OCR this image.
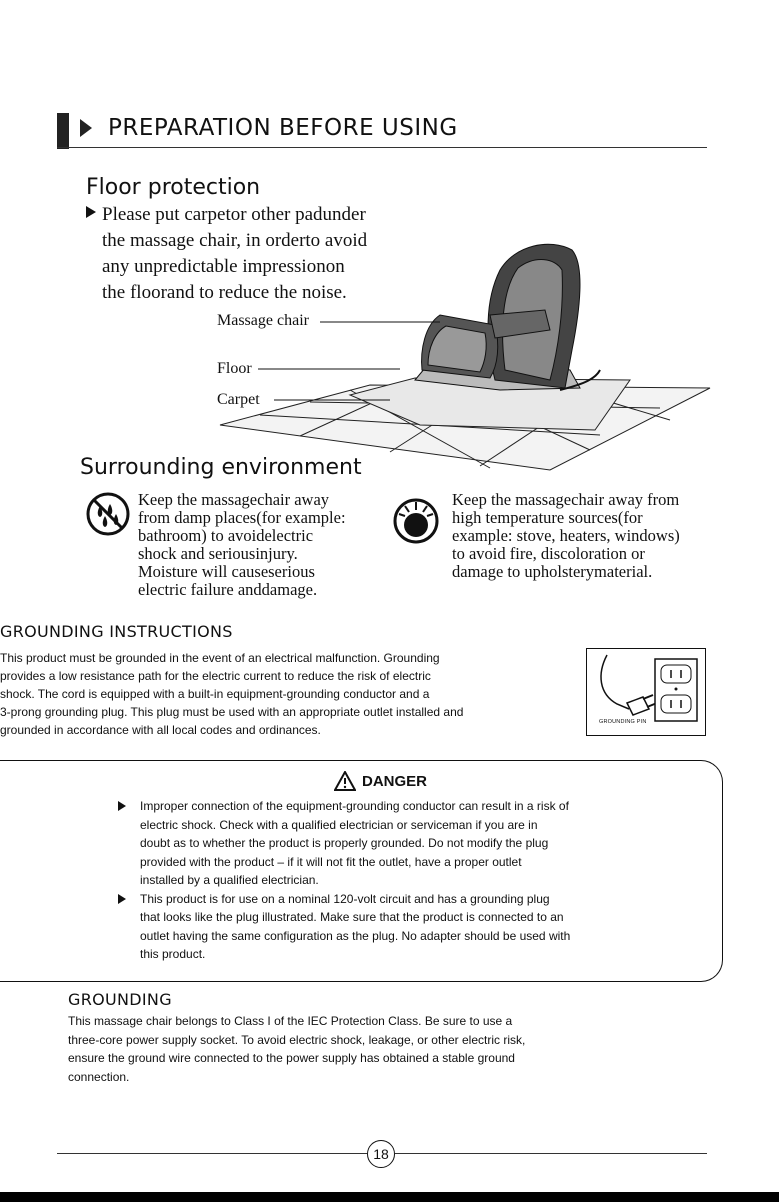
PREPARATION BEFORE USING
Floor protection

Please put carpetor other padunder

the massage chair, in orderto avoid

any unpredictable impressionon

the floorand to reduce the noise.

Massage chair
Floor
Carpet
Surrounding environment
Keep the massagechair away
from damp places(for example:
bathroom) to avoidelectric
shock and seriousinjury.
Moisture will causeserious
electric failure anddamage.
Keep the massagechair away from
high temperature sources(for
example: stove, heaters, windows)
to avoid fire, discoloration or
damage to upholsterymaterial.
GROUNDING INSTRUCTIONS
This product must be grounded in the event of an electrical malfunction. Grounding
provides a low resistance path for the electric current to reduce the risk of electric
shock. The cord is equipped with a built-in equipment-grounding conductor and a
3-prong grounding plug. This plug must be used with an appropriate outlet installed and
grounded in accordance with all local codes and ordinances.
GROUNDING PIN
DANGER
Improper connection of the equipment-grounding conductor can result in a risk of
electric shock. Check with a qualified electrician or serviceman if you are in
doubt as to whether the product is properly grounded. Do not modify the plug
provided with the product – if it will not fit the outlet, have a proper outlet
installed by a qualified electrician.
This product is for use on a nominal 120-volt circuit and has a grounding plug
that looks like the plug illustrated. Make sure that the product is connected to an
outlet having the same configuration as the plug. No adapter should be used with
this product.
GROUNDING
This massage chair belongs to Class I of the IEC Protection Class. Be sure to use a
three-core power supply socket. To avoid electric shock, leakage, or other electric risk,
ensure the ground wire connected to the power supply has obtained a stable ground
connection.
18
